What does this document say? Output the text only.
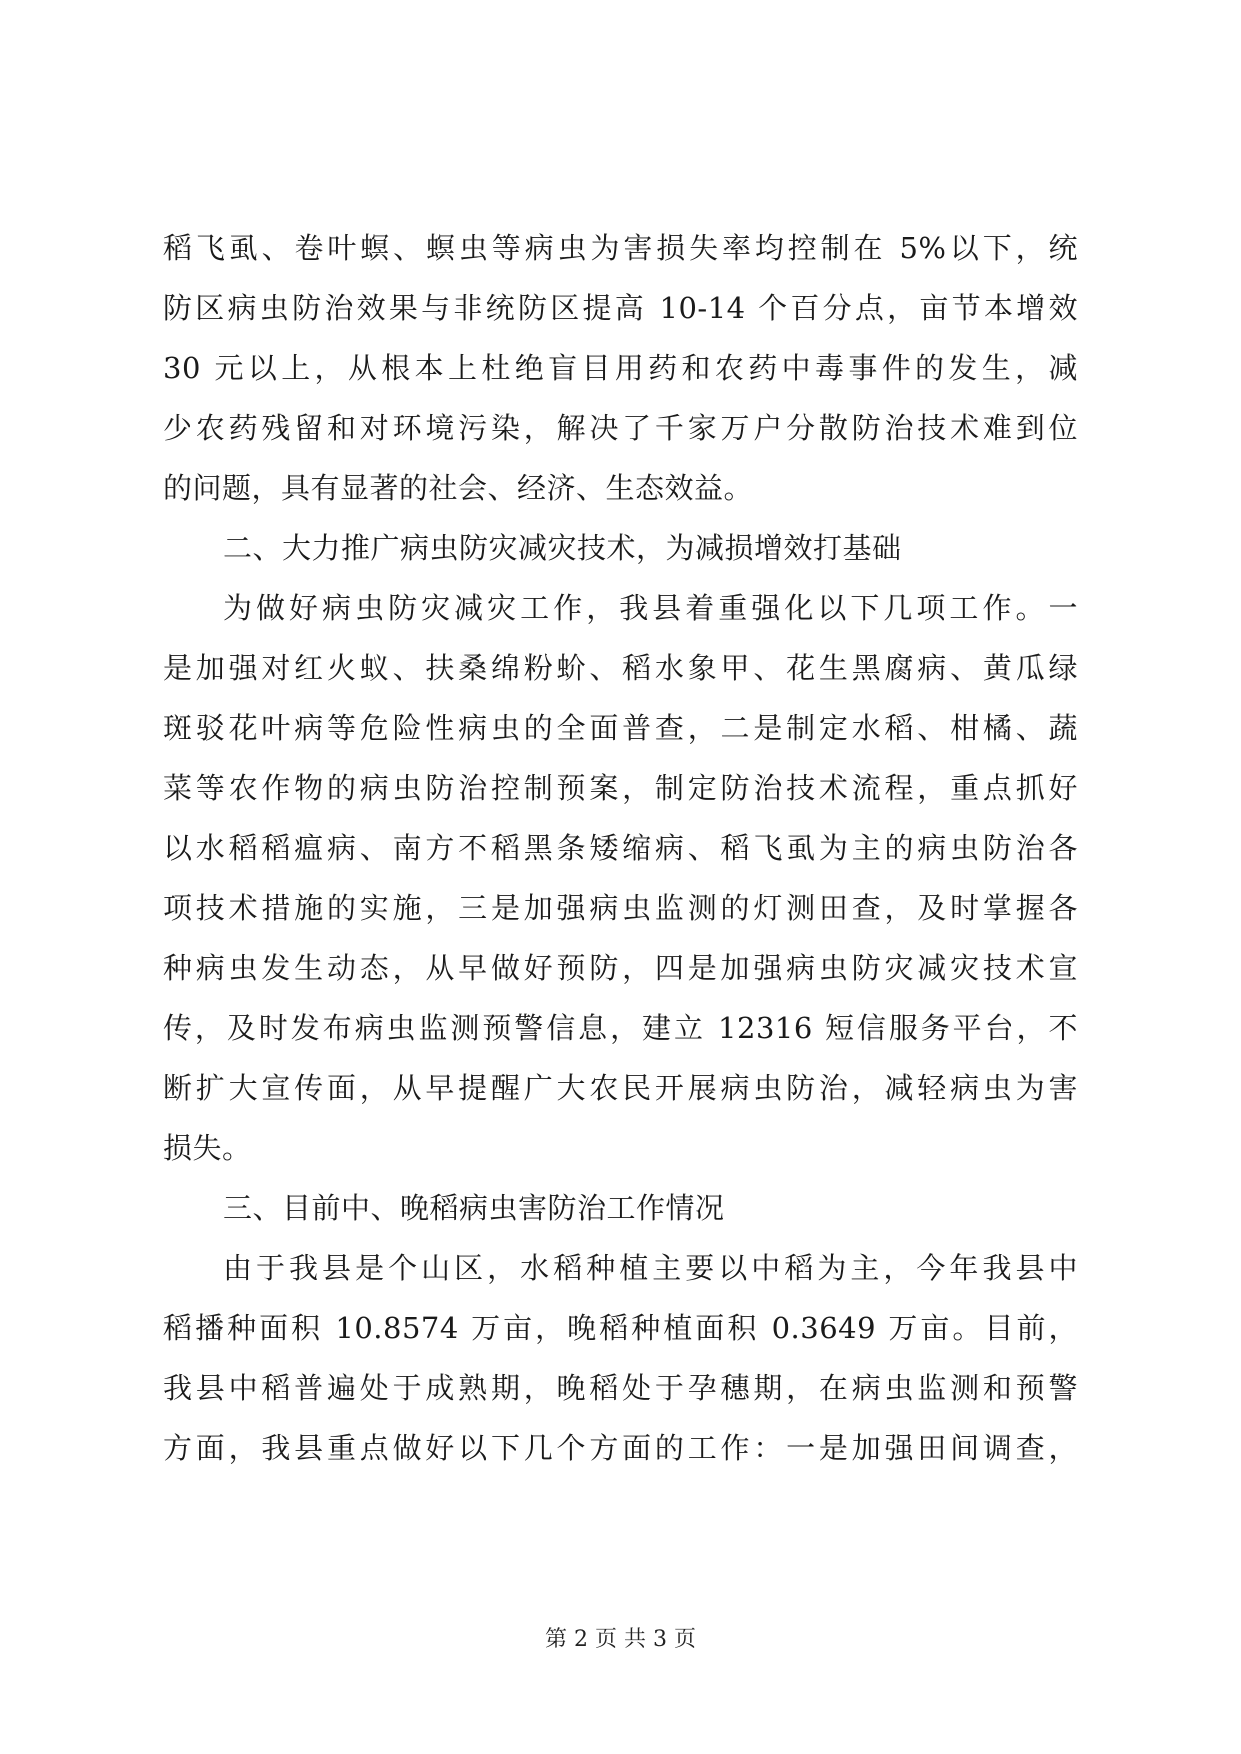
稻飞虱、卷叶螟、螟虫等病虫为害损失率均控制在 5%以下，统
防区病虫防治效果与非统防区提高 10-14 个百分点，亩节本增效
30 元以上，从根本上杜绝盲目用药和农药中毒事件的发生，减
少农药残留和对环境污染，解决了千家万户分散防治技术难到位
的问题，具有显著的社会、经济、生态效益。
二、大力推广病虫防灾减灾技术，为减损增效打基础
为做好病虫防灾减灾工作，我县着重强化以下几项工作。一
是加强对红火蚁、扶桑绵粉蚧、稻水象甲、花生黑腐病、黄瓜绿
斑驳花叶病等危险性病虫的全面普查，二是制定水稻、柑橘、蔬
菜等农作物的病虫防治控制预案，制定防治技术流程，重点抓好
以水稻稻瘟病、南方不稻黑条矮缩病、稻飞虱为主的病虫防治各
项技术措施的实施，三是加强病虫监测的灯测田查，及时掌握各
种病虫发生动态，从早做好预防，四是加强病虫防灾减灾技术宣
传，及时发布病虫监测预警信息，建立 12316 短信服务平台，不
断扩大宣传面，从早提醒广大农民开展病虫防治，减轻病虫为害
损失。
三、目前中、晚稻病虫害防治工作情况
由于我县是个山区，水稻种植主要以中稻为主，今年我县中
稻播种面积 10.8574 万亩，晚稻种植面积 0.3649 万亩。目前，
我县中稻普遍处于成熟期，晚稻处于孕穗期，在病虫监测和预警
方面，我县重点做好以下几个方面的工作：一是加强田间调查，
第 2 页 共 3 页
